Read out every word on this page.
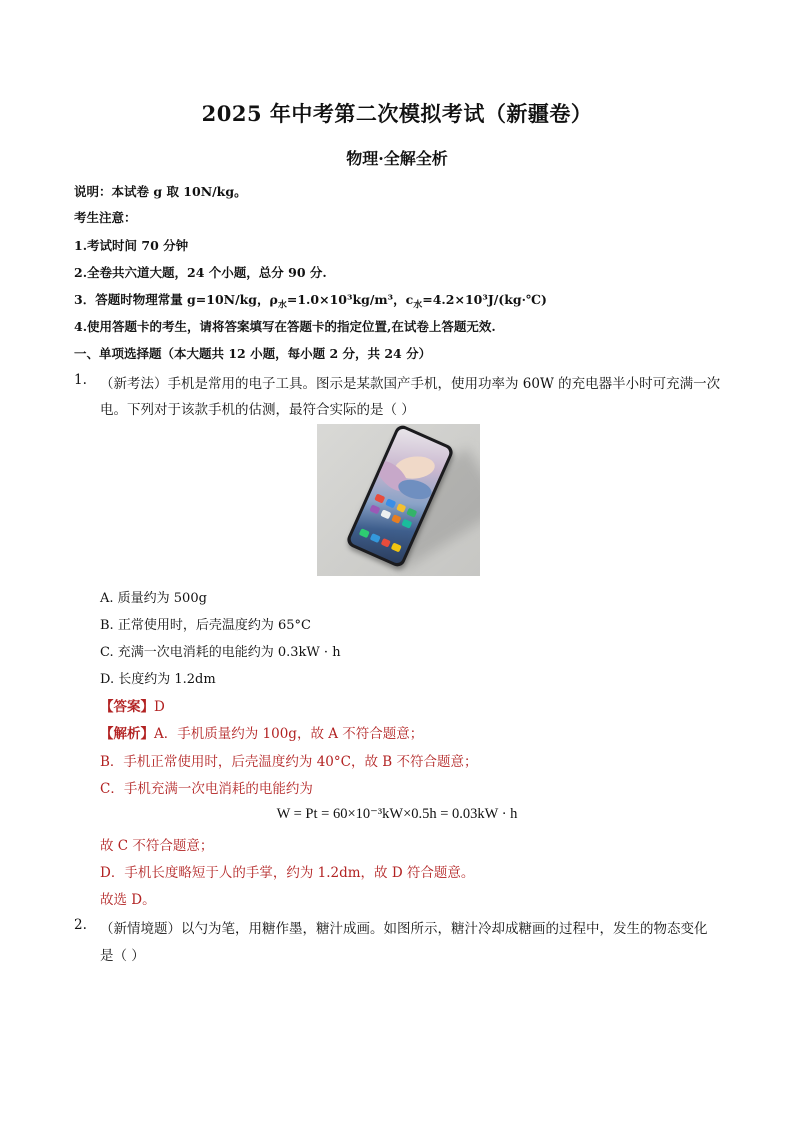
2025 年中考第二次模拟考试（新疆卷）
物理·全解全析
说明：本试卷 g 取 10N/kg。
考生注意：
1.考试时间 70 分钟
2.全卷共六道大题，24 个小题，总分 90 分.
3．答题时物理常量 g=10N/kg，$\rho_水=1.0\times 10^3kg/m^3$，$c_水=4.2\times 10^3J/(kg\cdot℃)$
4.使用答题卡的考生，请将答案填写在答题卡的指定位置,在试卷上答题无效.
一、单项选择题（本大题共 12 小题，每小题 2 分，共 24 分）
1. （新考法）手机是常用的电子工具。图示是某款国产手机，使用功率为 60W 的充电器半小时可充满一次
电。下列对于该款手机的估测，最符合实际的是（ ）
A. 质量约为 500g
B. 正常使用时，后壳温度约为 65°C
C. 充满一次电消耗的电能约为 0.3kW · h
D. 长度约为 1.2dm
【答案】D
【解析】A．手机质量约为 100g，故 A 不符合题意；
B．手机正常使用时，后壳温度约为 40°C，故 B 不符合题意；
C．手机充满一次电消耗的电能约为
W = Pt = 60×10⁻³kW×0.5h = 0.03kW · h
故 C 不符合题意；
D．手机长度略短于人的手掌，约为 1.2dm，故 D 符合题意。
故选 D。
2. （新情境题）以勺为笔，用糖作墨，糖汁成画。如图所示，糖汁冷却成糖画的过程中，发生的物态变化
是（ ）
